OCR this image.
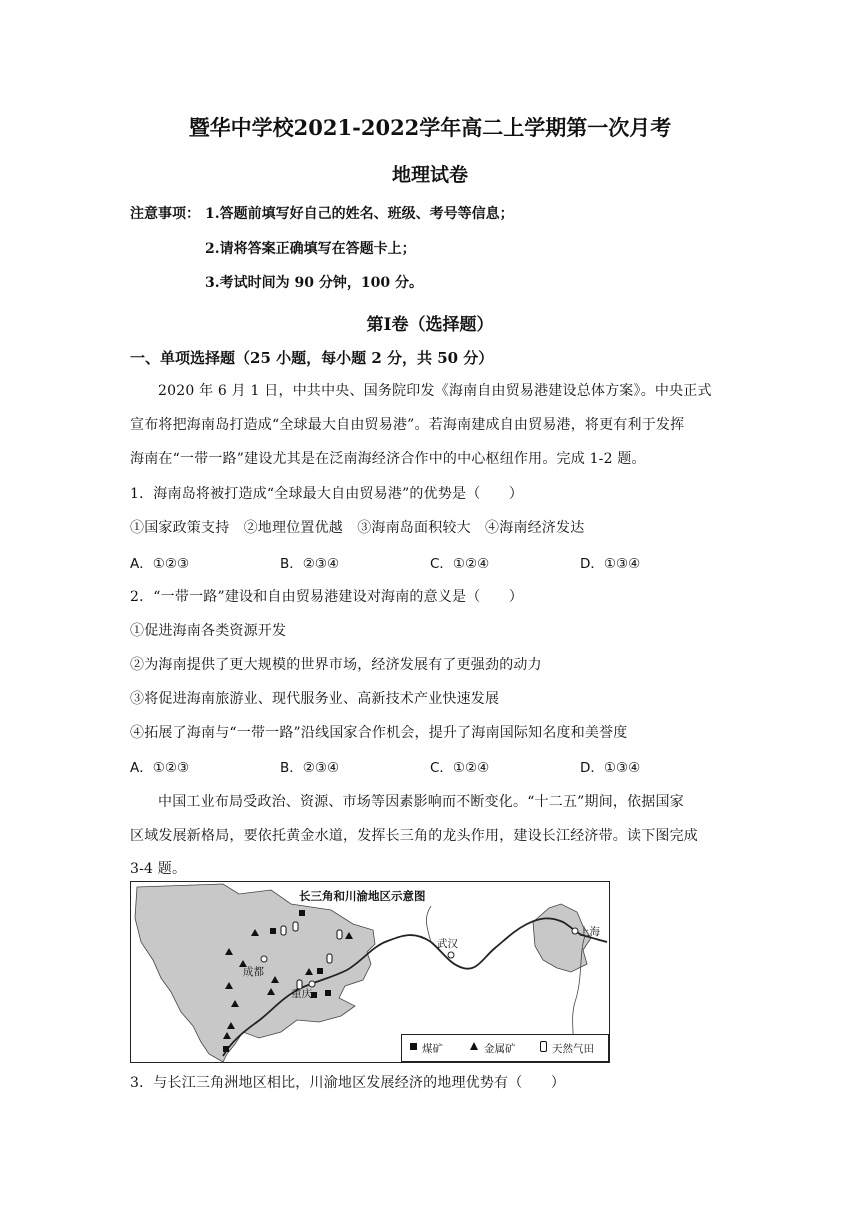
暨华中学校2021-2022学年高二上学期第一次月考
地理试卷
注意事项： 1.答题前填写好自己的姓名、班级、考号等信息；
2.请将答案正确填写在答题卡上；
3.考试时间为 90 分钟，100 分。
第Ⅰ卷（选择题）
一、单项选择题（25 小题，每小题 2 分，共 50 分）
2020 年 6 月 1 日，中共中央、国务院印发《海南自由贸易港建设总体方案》。中央正式
宣布将把海南岛打造成“全球最大自由贸易港”。若海南建成自由贸易港，将更有利于发挥
海南在“一带一路”建设尤其是在泛南海经济合作中的中心枢纽作用。完成 1-2 题。
1．海南岛将被打造成“全球最大自由贸易港”的优势是（　　）
①国家政策支持　②地理位置优越　③海南岛面积较大　④海南经济发达
A．①②③	B．②③④	C．①②④	D．①③④
2．“一带一路”建设和自由贸易港建设对海南的意义是（　　）
①促进海南各类资源开发
②为海南提供了更大规模的世界市场，经济发展有了更强劲的动力
③将促进海南旅游业、现代服务业、高新技术产业快速发展
④拓展了海南与“一带一路”沿线国家合作机会，提升了海南国际知名度和美誉度
A．①②③	B．②③④	C．①②④	D．①③④
中国工业布局受政治、资源、市场等因素影响而不断变化。“十二五”期间，依据国家
区域发展新格局，要依托黄金水道，发挥长三角的龙头作用，建设长江经济带。读下图完成
3-4 题。
长三角和川渝地区示意图
成都
重庆
武汉
上海
煤矿	金属矿	天然气田
3．与长江三角洲地区相比，川渝地区发展经济的地理优势有（　　）
